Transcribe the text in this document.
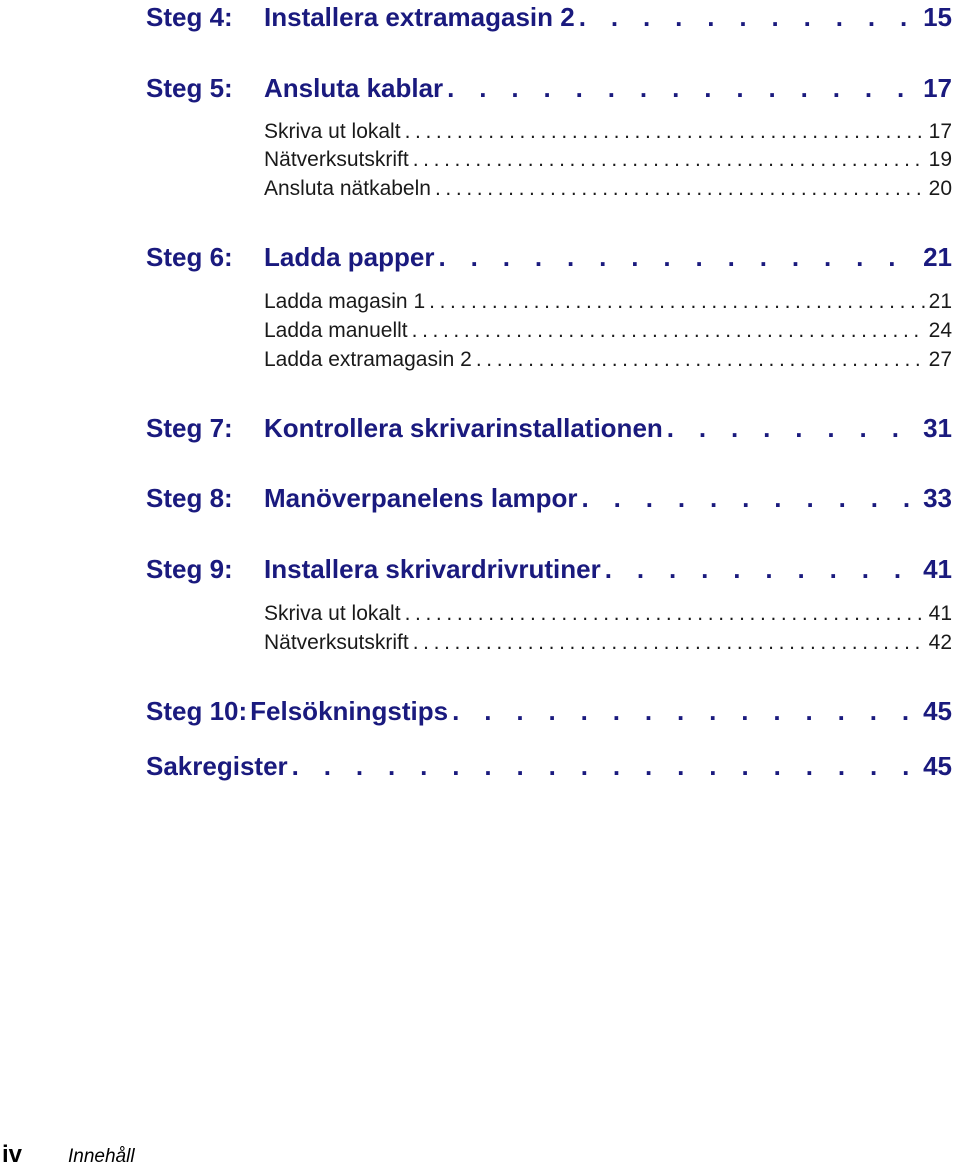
Steg 4:	Installera extramagasin 2 . . .	15
Steg 5:	Ansluta kablar . . .	17
Skriva ut lokalt .....	17
Nätverksutskrift .....	19
Ansluta nätkabeln .....	20
Steg 6:	Ladda papper . . .	21
Ladda magasin 1 .....	21
Ladda manuellt .....	24
Ladda extramagasin 2 .....	27
Steg 7:	Kontrollera skrivarinstallationen . . .	31
Steg 8:	Manöverpanelens lampor . . .	33
Steg 9:	Installera skrivardrivrutiner . . .	41
Skriva ut lokalt .....	41
Nätverksutskrift .....	42
Steg 10: Felsökningstips . . .	45
Sakregister . . .	45
iv Innehåll
